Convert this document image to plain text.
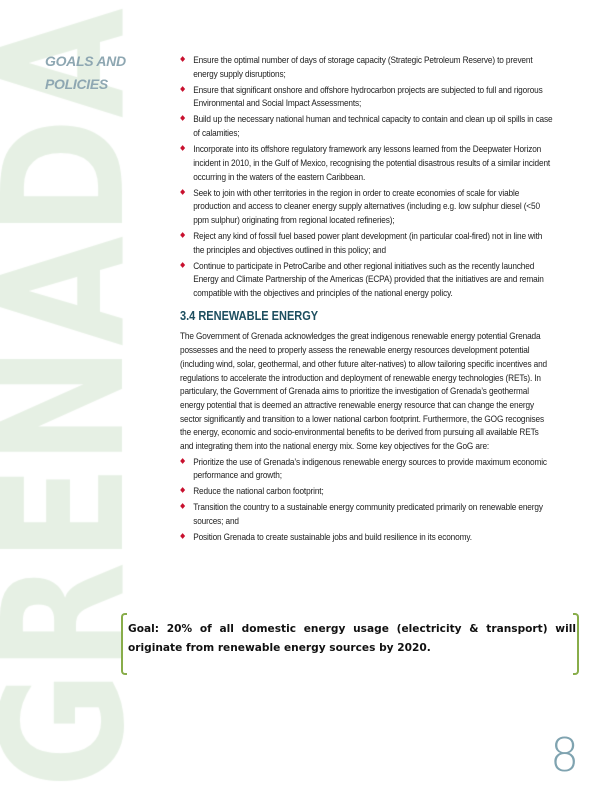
GOALS AND
POLICIES
Ensure the optimal number of days of storage capacity (Strategic Petroleum Reserve) to prevent energy supply disruptions;
Ensure that significant onshore and offshore hydrocarbon projects are subjected to full and rigorous Environmental and Social Impact Assessments;
Build up the necessary national human and technical capacity to contain and clean up oil spills in case of calamities;
Incorporate into its offshore regulatory framework any lessons learned from the Deepwater Horizon incident in 2010, in the Gulf of Mexico, recognising the potential disastrous results of a similar incident occurring in the waters of the eastern Caribbean.
Seek to join with other territories in the region in order to create economies of scale for viable production and access to cleaner energy supply alternatives (including e.g. low sulphur diesel (<50 ppm sulphur) originating from regional located refineries);
Reject any kind of fossil fuel based power plant development (in particular coal-fired) not in line with the principles and objectives outlined in this policy; and
Continue to participate in PetroCaribe and other regional initiatives such as the recently launched Energy and Climate Partnership of the Americas (ECPA) provided that the initiatives are and remain compatible with the objectives and principles of the national energy policy.
3.4 RENEWABLE ENERGY

The Government of Grenada acknowledges the great indigenous renewable energy potential Grenada possesses and the need to properly assess the renewable energy resources development potential (including wind, solar, geothermal, and other future alter-natives) to allow tailoring specific incentives and regulations to accelerate the introduction and deployment of renewable energy technologies (RETs). In particulary, the Government of Grenada aims to prioritize the investigation of Grenada’s geothermal energy potential that is deemed an attractive renewable energy resource that can change the energy sector significantly and transition to a lower national carbon footprint. Furthermore, the GOG recognises the energy, economic and socio-environmental benefits to be derived from pursuing all available RETs and integrating them into the national energy mix. Some key objectives for the GoG are:

Prioritize the use of Grenada’s indigenous renewable energy sources to provide maximum economic performance and growth;
Reduce the national carbon footprint;
Transition the country to a sustainable energy community predicated primarily on renewable energy sources; and
Position Grenada to create sustainable jobs and build resilience in its economy.
Goal: 20% of all domestic energy usage (electricity & transport) will originate from renewable energy sources by 2020.
8
